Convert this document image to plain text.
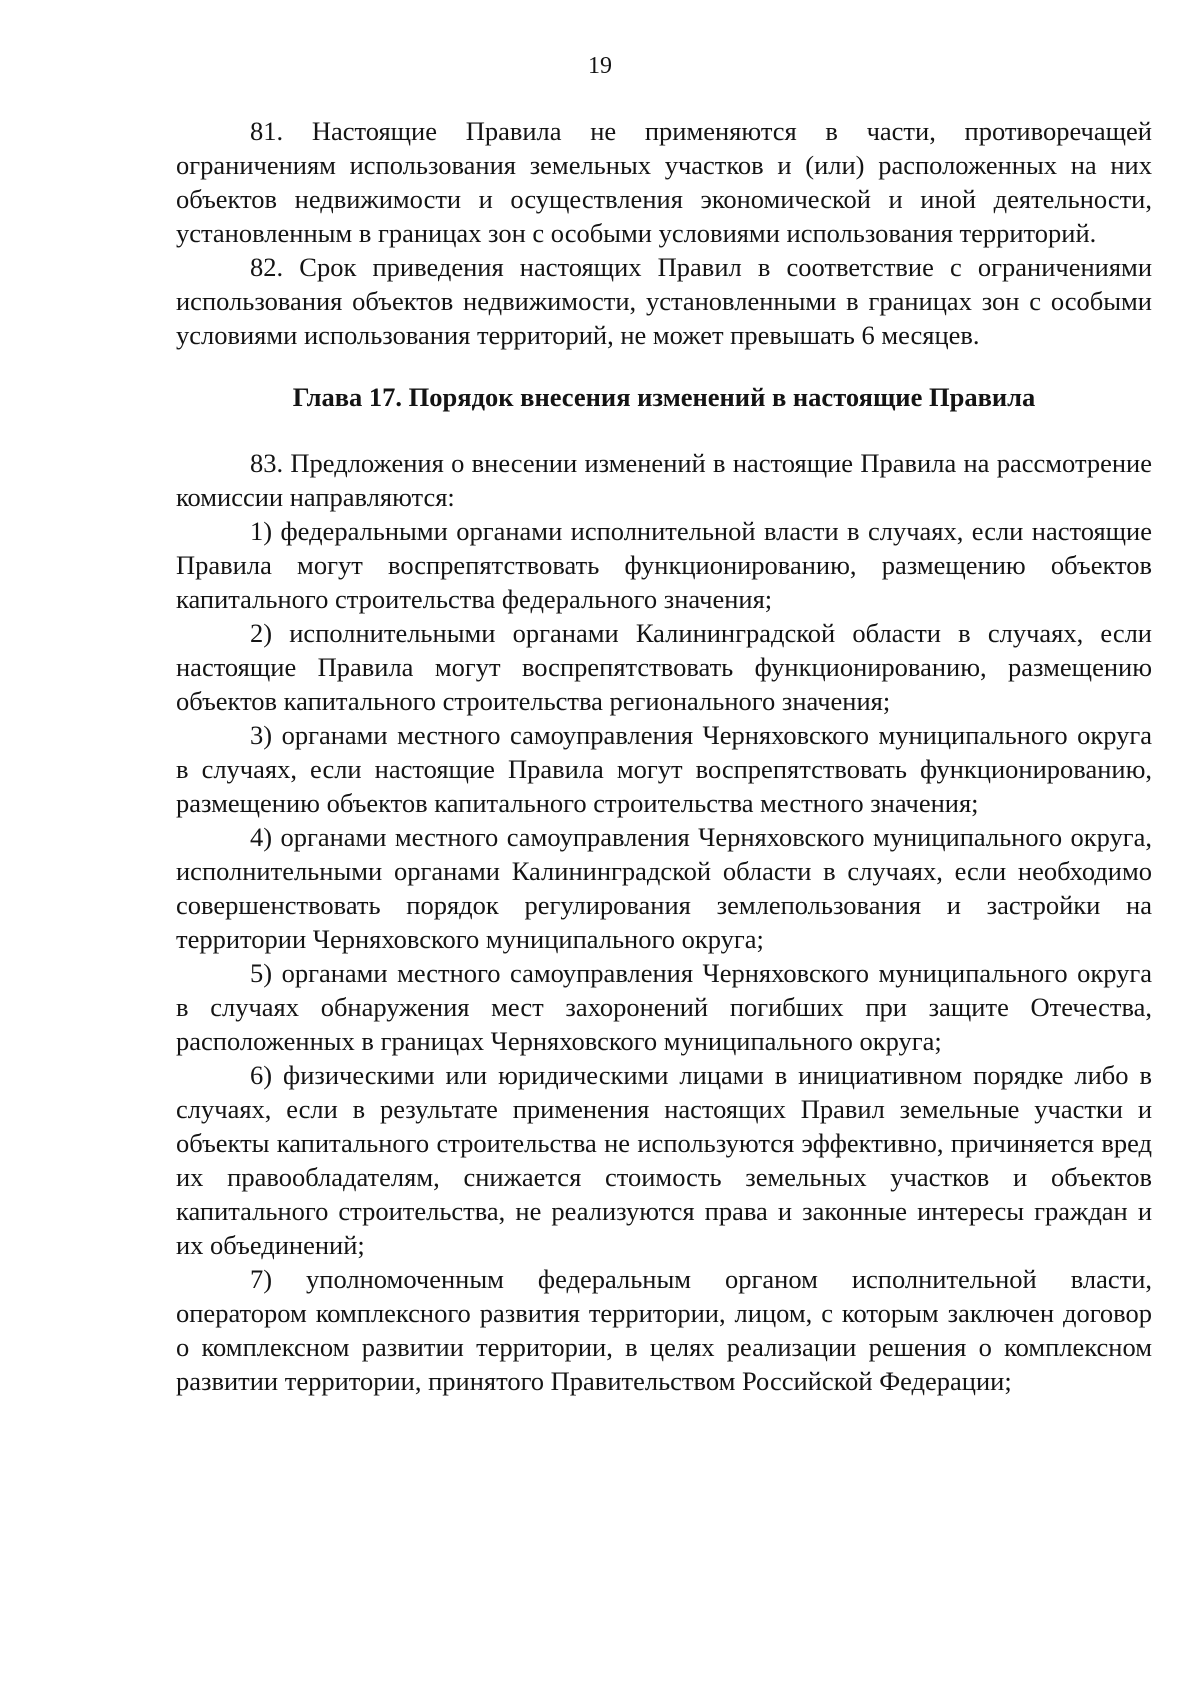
19

81. Настоящие Правила не применяются в части, противоречащей ограничениям использования земельных участков и (или) расположенных на них объектов недвижимости и осуществления экономической и иной деятельности, установленным в границах зон с особыми условиями использования территорий.

82. Срок приведения настоящих Правил в соответствие с ограничениями использования объектов недвижимости, установленными в границах зон с особыми условиями использования территорий, не может превышать 6 месяцев.

Глава 17. Порядок внесения изменений в настоящие Правила

83. Предложения о внесении изменений в настоящие Правила на рассмотрение комиссии направляются:

1) федеральными органами исполнительной власти в случаях, если настоящие Правила могут воспрепятствовать функционированию, размещению объектов капитального строительства федерального значения;

2) исполнительными органами Калининградской области в случаях, если настоящие Правила могут воспрепятствовать функционированию, размещению объектов капитального строительства регионального значения;

3) органами местного самоуправления Черняховского муниципального округа в случаях, если настоящие Правила могут воспрепятствовать функционированию, размещению объектов капитального строительства местного значения;

4) органами местного самоуправления Черняховского муниципального округа, исполнительными органами Калининградской области в случаях, если необходимо совершенствовать порядок регулирования землепользования и застройки на территории Черняховского муниципального округа;

5) органами местного самоуправления Черняховского муниципального округа в случаях обнаружения мест захоронений погибших при защите Отечества, расположенных в границах Черняховского муниципального округа;

6) физическими или юридическими лицами в инициативном порядке либо в случаях, если в результате применения настоящих Правил земельные участки и объекты капитального строительства не используются эффективно, причиняется вред их правообладателям, снижается стоимость земельных участков и объектов капитального строительства, не реализуются права и законные интересы граждан и их объединений;

7) уполномоченным федеральным органом исполнительной власти, оператором комплексного развития территории, лицом, с которым заключен договор о комплексном развитии территории, в целях реализации решения о комплексном развитии территории, принятого Правительством Российской Федерации;
